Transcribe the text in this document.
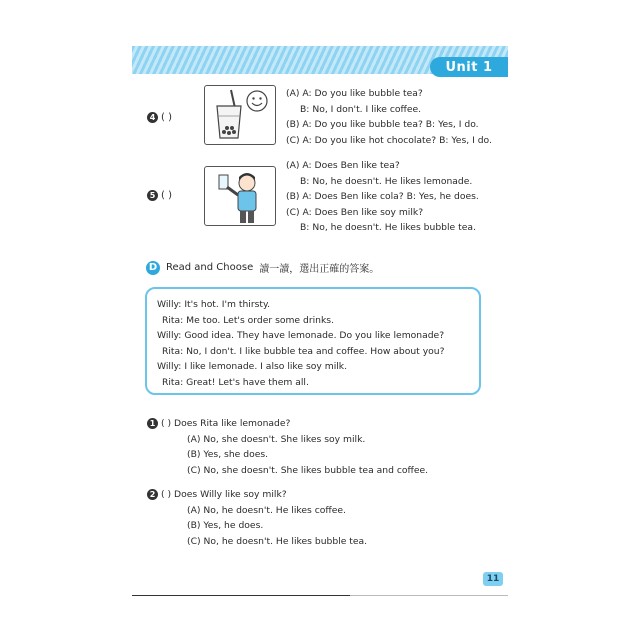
Unit 1
4 ( )
(A) A: Do you like bubble tea?
B: No, I don't. I like coffee.
(B) A: Do you like bubble tea? B: Yes, I do.
(C) A: Do you like hot chocolate? B: Yes, I do.
5 ( )
(A) A: Does Ben like tea?
B: No, he doesn't. He likes lemonade.
(B) A: Does Ben like cola? B: Yes, he does.
(C) A: Does Ben like soy milk?
B: No, he doesn't. He likes bubble tea.
D Read and Choose 讀一讀，選出正確的答案。
Willy: It's hot. I'm thirsty.
Rita: Me too. Let's order some drinks.
Willy: Good idea. They have lemonade. Do you like lemonade?
Rita: No, I don't. I like bubble tea and coffee. How about you?
Willy: I like lemonade. I also like soy milk.
Rita: Great! Let's have them all.
1 ( ) Does Rita like lemonade?
(A) No, she doesn't. She likes soy milk.
(B) Yes, she does.
(C) No, she doesn't. She likes bubble tea and coffee.
2 ( ) Does Willy like soy milk?
(A) No, he doesn't. He likes coffee.
(B) Yes, he does.
(C) No, he doesn't. He likes bubble tea.
11
